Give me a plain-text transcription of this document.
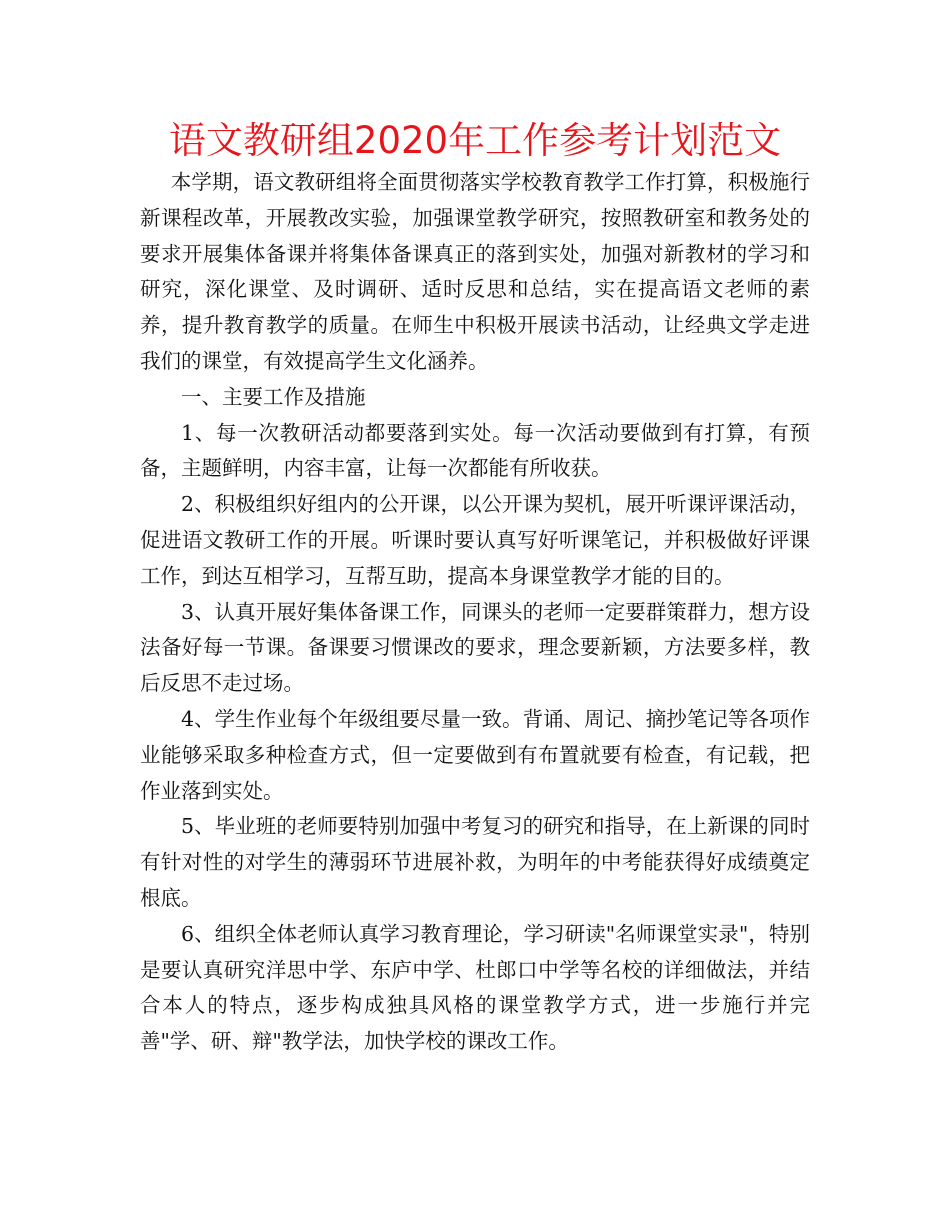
语文教研组2020年工作参考计划范文

本学期，语文教研组将全面贯彻落实学校教育教学工作打算，积极施行新课程改革，开展教改实验，加强课堂教学研究，按照教研室和教务处的要求开展集体备课并将集体备课真正的落到实处，加强对新教材的学习和研究，深化课堂、及时调研、适时反思和总结，实在提高语文老师的素养，提升教育教学的质量。在师生中积极开展读书活动，让经典文学走进我们的课堂，有效提高学生文化涵养。

一、主要工作及措施

1、每一次教研活动都要落到实处。每一次活动要做到有打算，有预备，主题鲜明，内容丰富，让每一次都能有所收获。

2、积极组织好组内的公开课，以公开课为契机，展开听课评课活动，促进语文教研工作的开展。听课时要认真写好听课笔记，并积极做好评课工作，到达互相学习，互帮互助，提高本身课堂教学才能的目的。

3、认真开展好集体备课工作，同课头的老师一定要群策群力，想方设法备好每一节课。备课要习惯课改的要求，理念要新颖，方法要多样，教后反思不走过场。

4、学生作业每个年级组要尽量一致。背诵、周记、摘抄笔记等各项作业能够采取多种检查方式，但一定要做到有布置就要有检查，有记载，把作业落到实处。

5、毕业班的老师要特别加强中考复习的研究和指导，在上新课的同时有针对性的对学生的薄弱环节进展补救，为明年的中考能获得好成绩奠定根底。

6、组织全体老师认真学习教育理论，学习研读"名师课堂实录"，特别是要认真研究洋思中学、东庐中学、杜郎口中学等名校的详细做法，并结合本人的特点，逐步构成独具风格的课堂教学方式，进一步施行并完善"学、研、辩"教学法，加快学校的课改工作。
